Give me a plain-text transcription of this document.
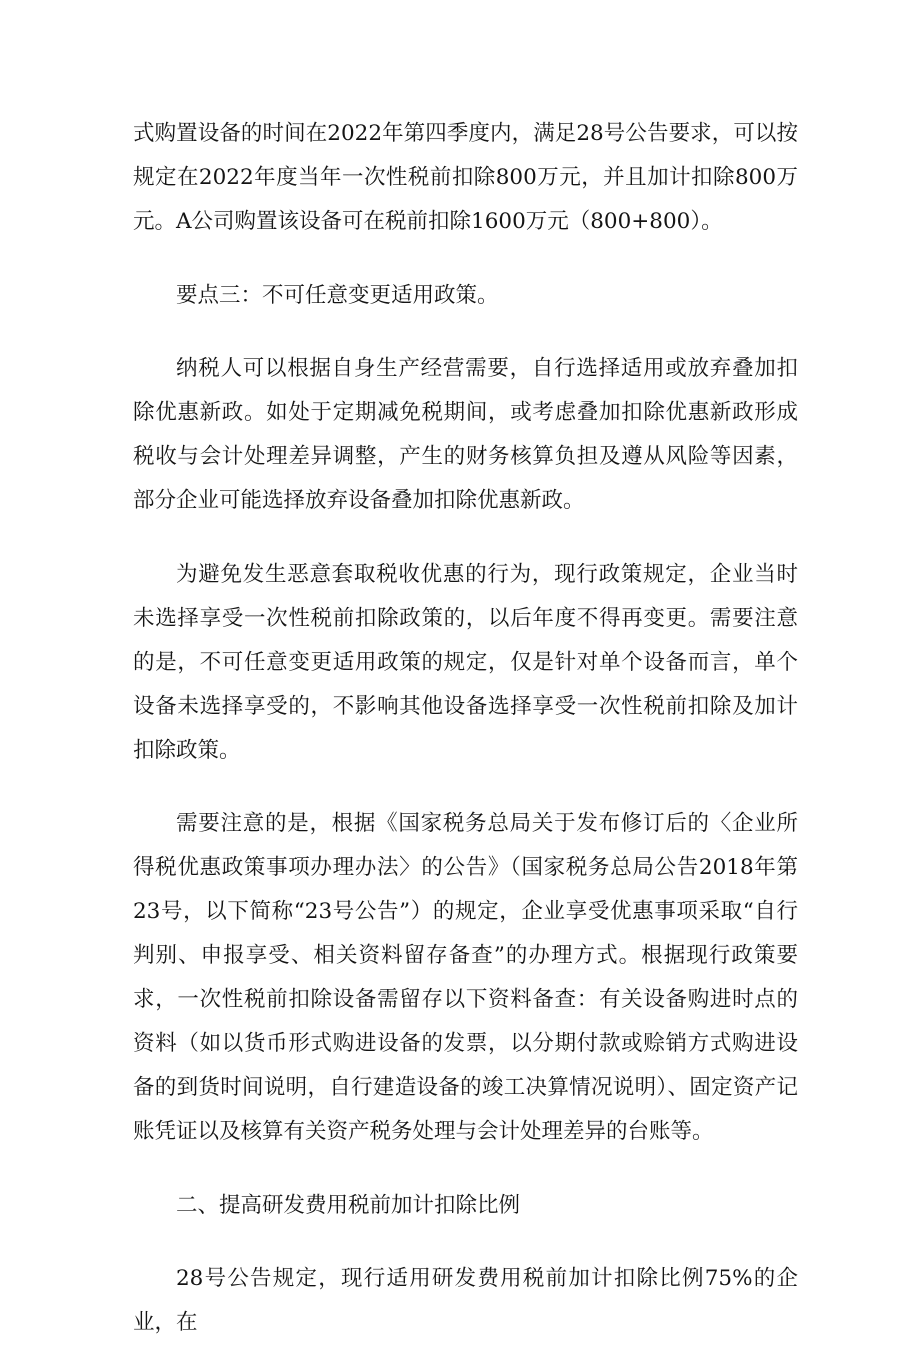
式购置设备的时间在2022年第四季度内，满足28号公告要求，可以按规定在2022年度当年一次性税前扣除800万元，并且加计扣除800万元。A公司购置该设备可在税前扣除1600万元（800+800）。

要点三：不可任意变更适用政策。

纳税人可以根据自身生产经营需要，自行选择适用或放弃叠加扣除优惠新政。如处于定期减免税期间，或考虑叠加扣除优惠新政形成税收与会计处理差异调整，产生的财务核算负担及遵从风险等因素，部分企业可能选择放弃设备叠加扣除优惠新政。

为避免发生恶意套取税收优惠的行为，现行政策规定，企业当时未选择享受一次性税前扣除政策的，以后年度不得再变更。需要注意的是，不可任意变更适用政策的规定，仅是针对单个设备而言，单个设备未选择享受的，不影响其他设备选择享受一次性税前扣除及加计扣除政策。

需要注意的是，根据《国家税务总局关于发布修订后的〈企业所得税优惠政策事项办理办法〉的公告》（国家税务总局公告2018年第23号，以下简称“23号公告”）的规定，企业享受优惠事项采取“自行判别、申报享受、相关资料留存备查”的办理方式。根据现行政策要求，一次性税前扣除设备需留存以下资料备查：有关设备购进时点的资料（如以货币形式购进设备的发票，以分期付款或赊销方式购进设备的到货时间说明，自行建造设备的竣工决算情况说明）、固定资产记账凭证以及核算有关资产税务处理与会计处理差异的台账等。

二、提高研发费用税前加计扣除比例

28号公告规定，现行适用研发费用税前加计扣除比例75%的企业，在
